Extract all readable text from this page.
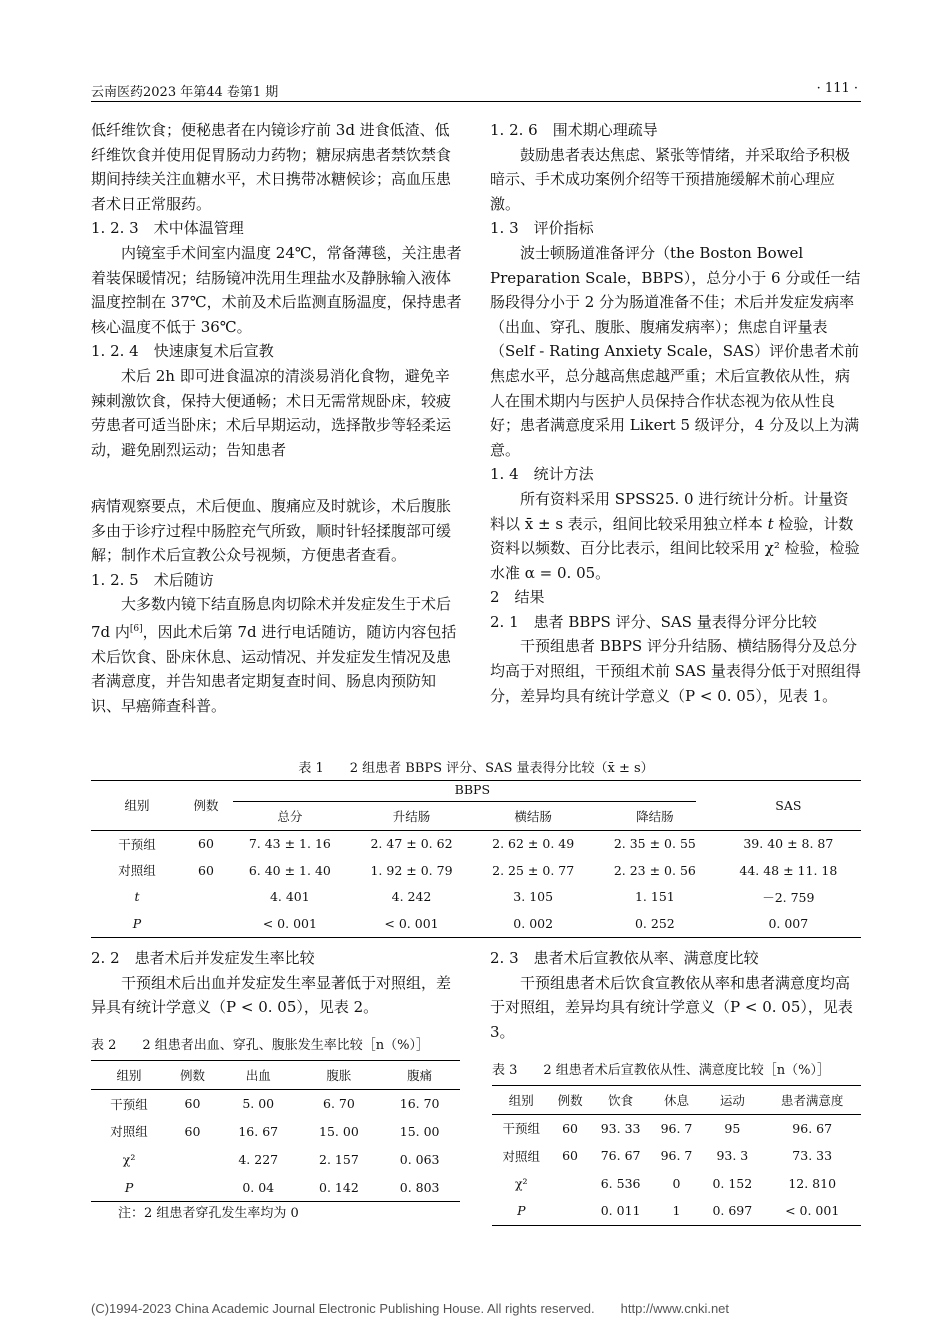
云南医药2023 年第44 卷第1 期	· 111 ·

低纤维饮食；便秘患者在内镜诊疗前 3d 进食低渣、低纤维饮食并使用促胃肠动力药物；糖尿病患者禁饮禁食期间持续关注血糖水平，术日携带冰糖候诊；高血压患者术日正常服药。

1. 2. 3　术中体温管理

内镜室手术间室内温度 24℃，常备薄毯，关注患者着装保暖情况；结肠镜冲洗用生理盐水及静脉输入液体温度控制在 37℃，术前及术后监测直肠温度，保持患者核心温度不低于 36℃。

1. 2. 4　快速康复术后宣教

术后 2h 即可进食温凉的清淡易消化食物，避免辛辣刺激饮食，保持大便通畅；术日无需常规卧床，较疲劳患者可适当卧床；术后早期运动，选择散步等轻柔运动，避免剧烈运动；告知患者

病情观察要点，术后便血、腹痛应及时就诊，术后腹胀多由于诊疗过程中肠腔充气所致，顺时针轻揉腹部可缓解；制作术后宣教公众号视频，方便患者查看。

1. 2. 5　术后随访

大多数内镜下结直肠息肉切除术并发症发生于术后 7d 内[6]，因此术后第 7d 进行电话随访，随访内容包括术后饮食、卧床休息、运动情况、并发症发生情况及患者满意度，并告知患者定期复查时间、肠息肉预防知识、早癌筛查科普。

1. 2. 6　围术期心理疏导

鼓励患者表达焦虑、紧张等情绪，并采取给予积极暗示、手术成功案例介绍等干预措施缓解术前心理应激。

1. 3　评价指标

波士顿肠道准备评分（the Boston Bowel Preparation Scale，BBPS），总分小于 6 分或任一结肠段得分小于 2 分为肠道准备不佳；术后并发症发病率（出血、穿孔、腹胀、腹痛发病率）；焦虑自评量表（Self - Rating Anxiety Scale，SAS）评价患者术前焦虑水平，总分越高焦虑越严重；术后宣教依从性，病人在围术期内与医护人员保持合作状态视为依从性良好；患者满意度采用 Likert 5 级评分，4 分及以上为满意。

1. 4　统计方法

所有资料采用 SPSS25. 0 进行统计分析。计量资料以 x̄ ± s 表示，组间比较采用独立样本 t 检验，计数资料以频数、百分比表示，组间比较采用 χ² 检验，检验水准 α = 0. 05。

2　结果

2. 1　患者 BBPS 评分、SAS 量表得分评分比较

干预组患者 BBPS 评分升结肠、横结肠得分及总分均高于对照组，干预组术前 SAS 量表得分低于对照组得分，差异均具有统计学意义（P < 0. 05），见表 1。

表 1　　2 组患者 BBPS 评分、SAS 量表得分比较（x̄ ± s）
组别	例数	BBPS				SAS
		总分	升结肠	横结肠	降结肠	
干预组	60	7. 43 ± 1. 16	2. 47 ± 0. 62	2. 62 ± 0. 49	2. 35 ± 0. 55	39. 40 ± 8. 87
对照组	60	6. 40 ± 1. 40	1. 92 ± 0. 79	2. 25 ± 0. 77	2. 23 ± 0. 56	44. 48 ± 11. 18
t		4. 401	4. 242	3. 105	1. 151	－2. 759
P		< 0. 001	< 0. 001	0. 002	0. 252	0. 007

2. 2　患者术后并发症发生率比较

干预组术后出血并发症发生率显著低于对照组，差异具有统计学意义（P < 0. 05），见表 2。

表 2　　2 组患者出血、穿孔、腹胀发生率比较［n（%）］
组别	例数	出血	腹胀	腹痛
干预组	60	5. 00	6. 70	16. 70
对照组	60	16. 67	15. 00	15. 00
χ²		4. 227	2. 157	0. 063
P		0. 04	0. 142	0. 803
注：2 组患者穿孔发生率均为 0

2. 3　患者术后宣教依从率、满意度比较

干预组患者术后饮食宣教依从率和患者满意度均高于对照组，差异均具有统计学意义（P < 0. 05），见表 3。

表 3　　2 组患者术后宣教依从性、满意度比较［n（%）］
组别	例数	饮食	休息	运动	患者满意度
干预组	60	93. 33	96. 7	95	96. 67
对照组	60	76. 67	96. 7	93. 3	73. 33
χ²		6. 536	0	0. 152	12. 810
P		0. 011	1	0. 697	< 0. 001
(C)1994-2023 China Academic Journal Electronic Publishing House. All rights reserved.　　http://www.cnki.net
